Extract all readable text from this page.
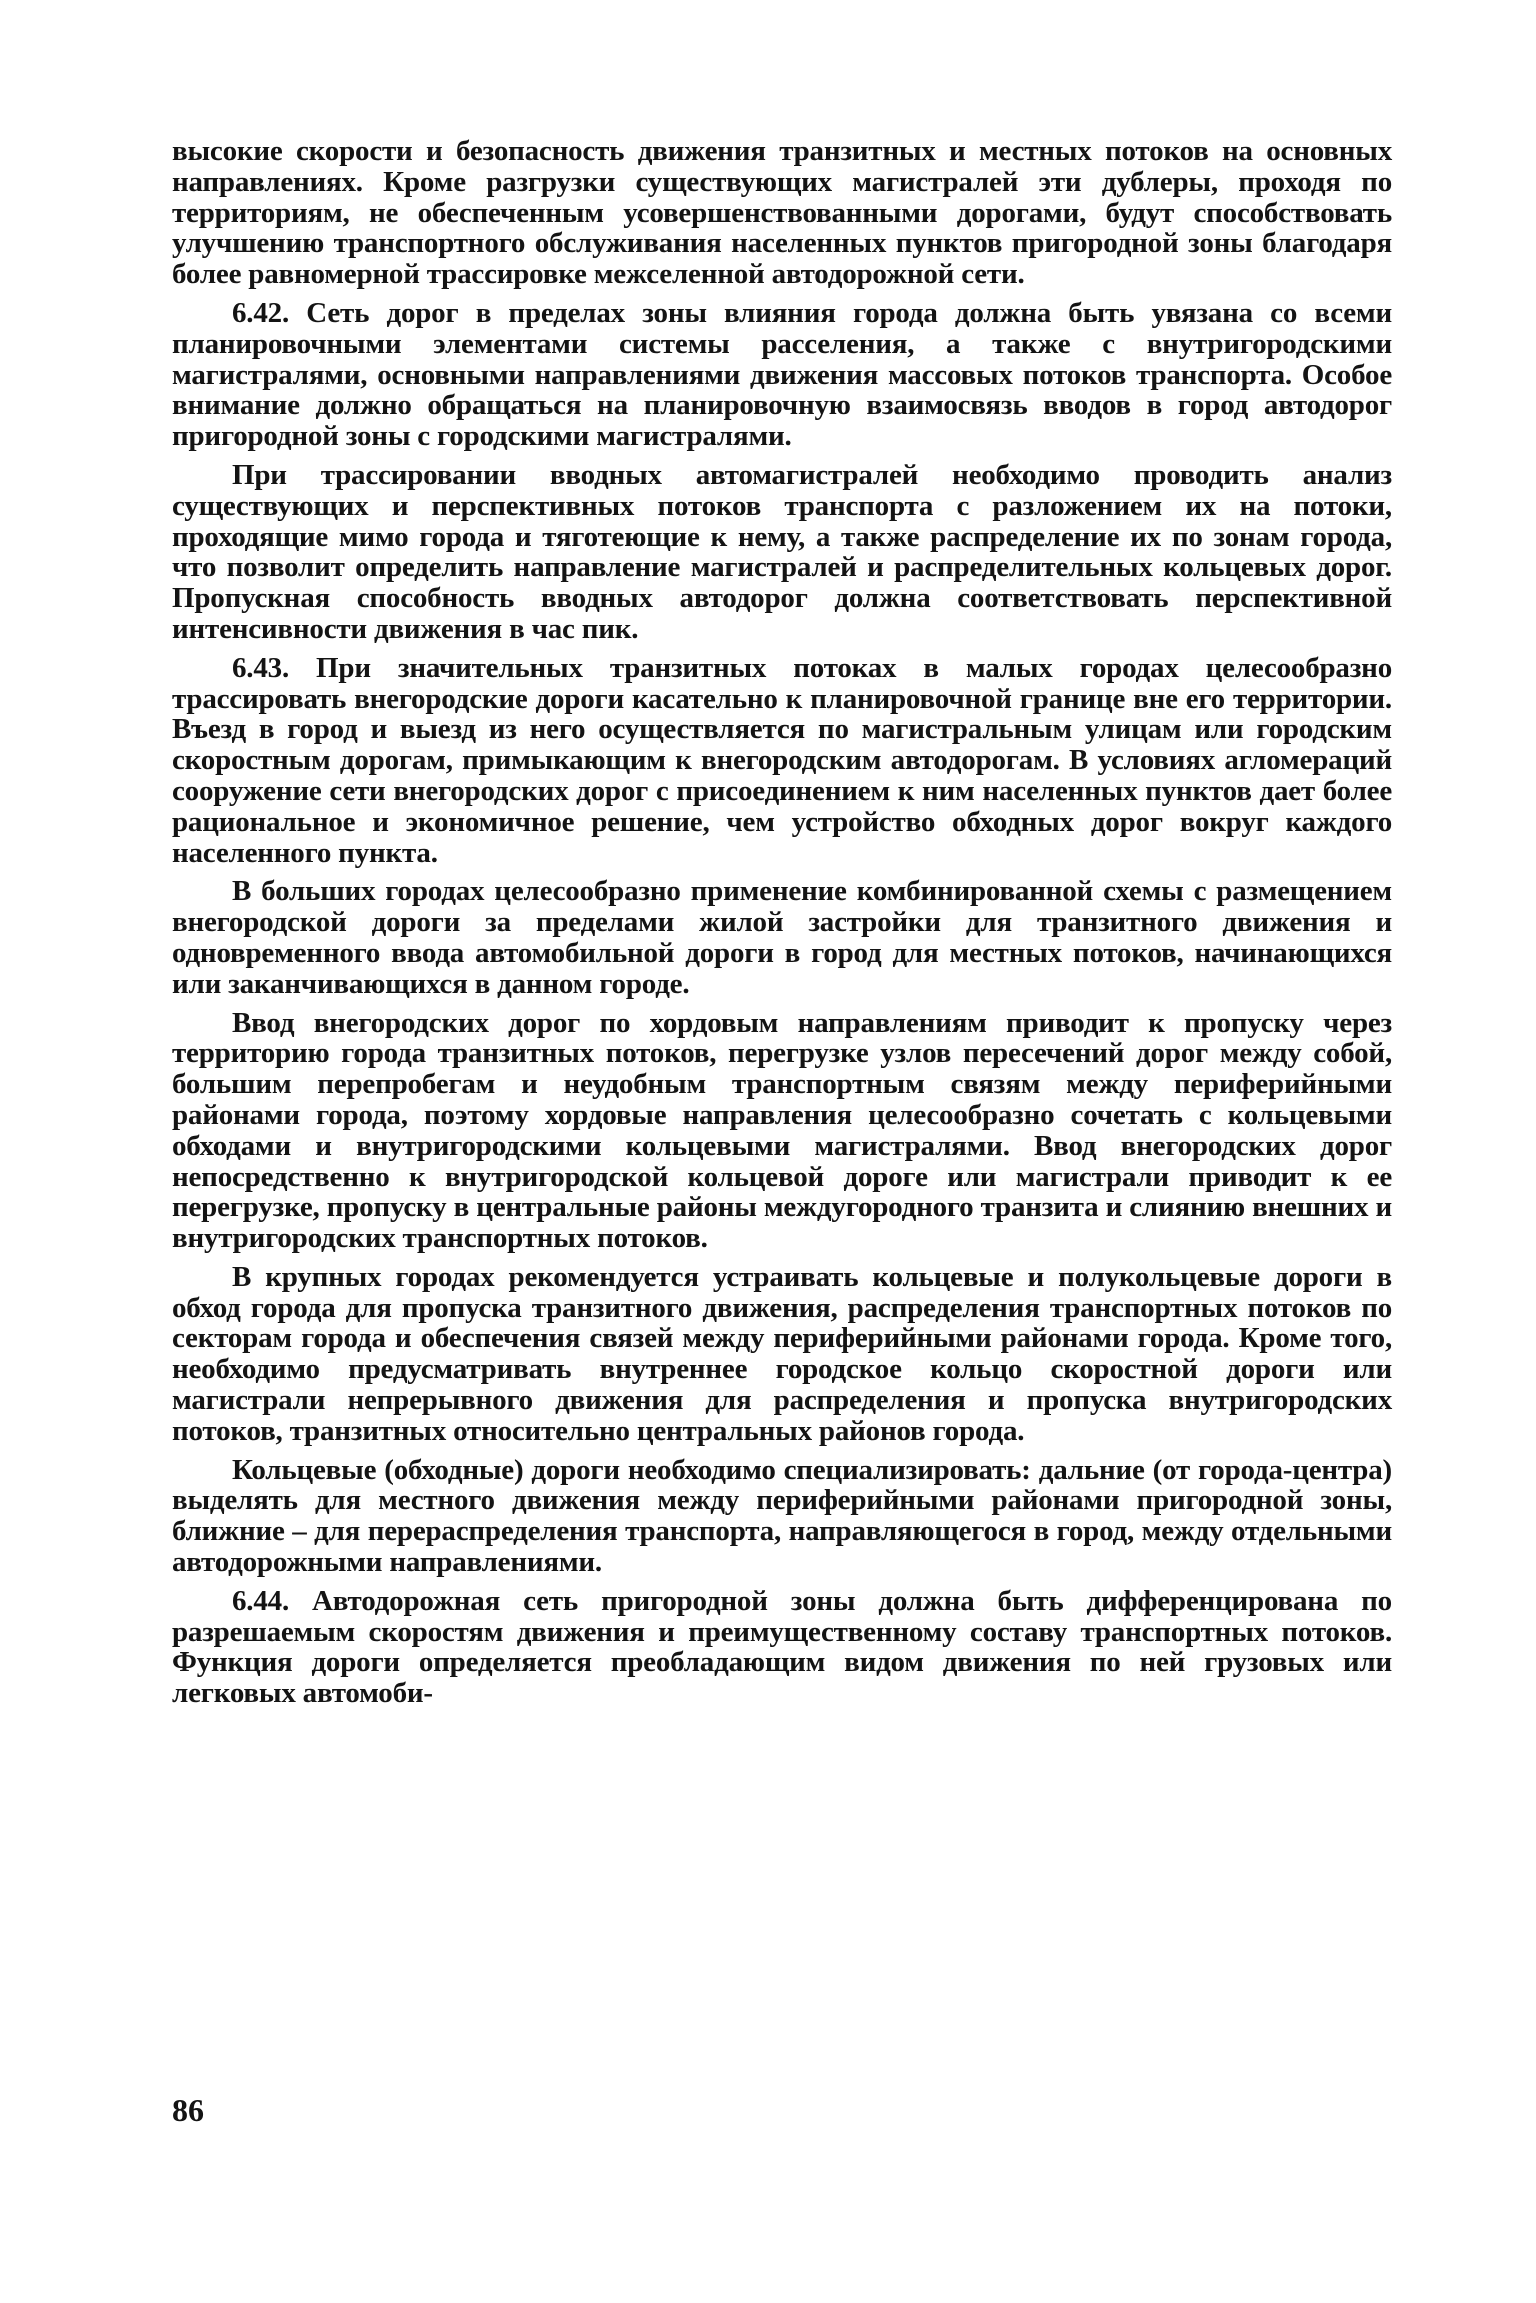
высокие скорости и безопасность движения транзитных и местных потоков на основных направлениях. Кроме разгрузки существующих магистралей эти дублеры, проходя по территориям, не обеспеченным усовершенствованными дорогами, будут способствовать улучшению транспортного обслуживания населенных пунктов пригородной зоны благодаря более равномерной трассировке межселенной автодорожной сети.

6.42. Сеть дорог в пределах зоны влияния города должна быть увязана со всеми планировочными элементами системы расселения, а также с внутригородскими магистралями, основными направлениями движения массовых потоков транспорта. Особое внимание должно обращаться на планировочную взаимосвязь вводов в город автодорог пригородной зоны с городскими магистралями.

При трассировании вводных автомагистралей необходимо проводить анализ существующих и перспективных потоков транспорта с разложением их на потоки, проходящие мимо города и тяготеющие к нему, а также распределение их по зонам города, что позволит определить направление магистралей и распределительных кольцевых дорог. Пропускная способность вводных автодорог должна соответствовать перспективной интенсивности движения в час пик.

6.43. При значительных транзитных потоках в малых городах целесообразно трассировать внегородские дороги касательно к планировочной границе вне его территории. Въезд в город и выезд из него осуществляется по магистральным улицам или городским скоростным дорогам, примыкающим к внегородским автодорогам. В условиях агломераций сооружение сети внегородских дорог с присоединением к ним населенных пунктов дает более рациональное и экономичное решение, чем устройство обходных дорог вокруг каждого населенного пункта.

В больших городах целесообразно применение комбинированной схемы с размещением внегородской дороги за пределами жилой застройки для транзитного движения и одновременного ввода автомобильной дороги в город для местных потоков, начинающихся или заканчивающихся в данном городе.

Ввод внегородских дорог по хордовым направлениям приводит к пропуску через территорию города транзитных потоков, перегрузке узлов пересечений дорог между собой, большим перепробегам и неудобным транспортным связям между периферийными районами города, поэтому хордовые направления целесообразно сочетать с кольцевыми обходами и внутригородскими кольцевыми магистралями. Ввод внегородских дорог непосредственно к внутригородской кольцевой дороге или магистрали приводит к ее перегрузке, пропуску в центральные районы междугородного транзита и слиянию внешних и внутригородских транспортных потоков.

В крупных городах рекомендуется устраивать кольцевые и полукольцевые дороги в обход города для пропуска транзитного движения, распределения транспортных потоков по секторам города и обеспечения связей между периферийными районами города. Кроме того, необходимо предусматривать внутреннее городское кольцо скоростной дороги или магистрали непрерывного движения для распределения и пропуска внутригородских потоков, транзитных относительно центральных районов города.

Кольцевые (обходные) дороги необходимо специализировать: дальние (от города-центра) выделять для местного движения между периферийными районами пригородной зоны, ближние – для перераспределения транспорта, направляющегося в город, между отдельными автодорожными направлениями.

6.44. Автодорожная сеть пригородной зоны должна быть дифференцирована по разрешаемым скоростям движения и преимущественному составу транспортных потоков. Функция дороги определяется преобладающим видом движения по ней грузовых или легковых автомоби-

86
